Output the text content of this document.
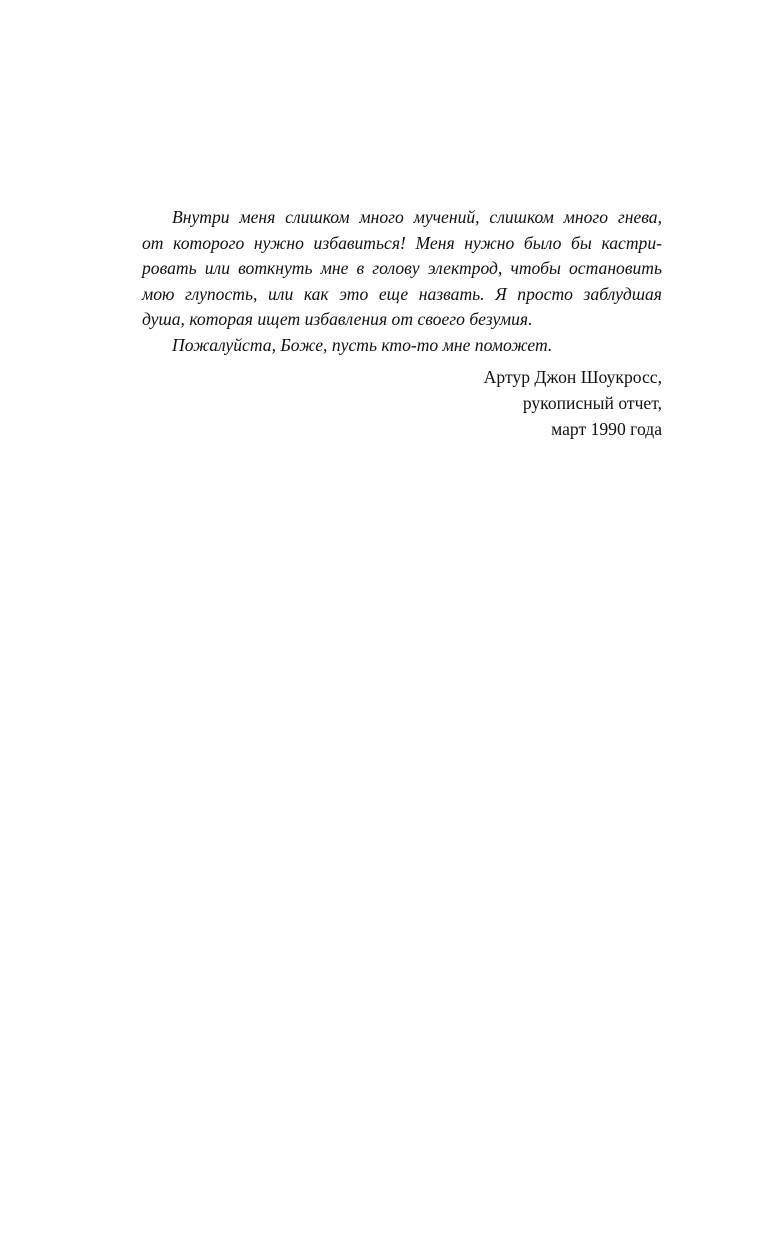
Внутри меня слишком много мучений, слишком много гнева,
от которого нужно избавиться! Меня нужно было бы кастри-
ровать или воткнуть мне в голову электрод, чтобы остановить
мою глупость, или как это еще назвать. Я просто заблудшая
душа, которая ищет избавления от своего безумия.

Пожалуйста, Боже, пусть кто-то мне поможет.

Артур Джон Шоукросс,
рукописный отчет,
март 1990 года
